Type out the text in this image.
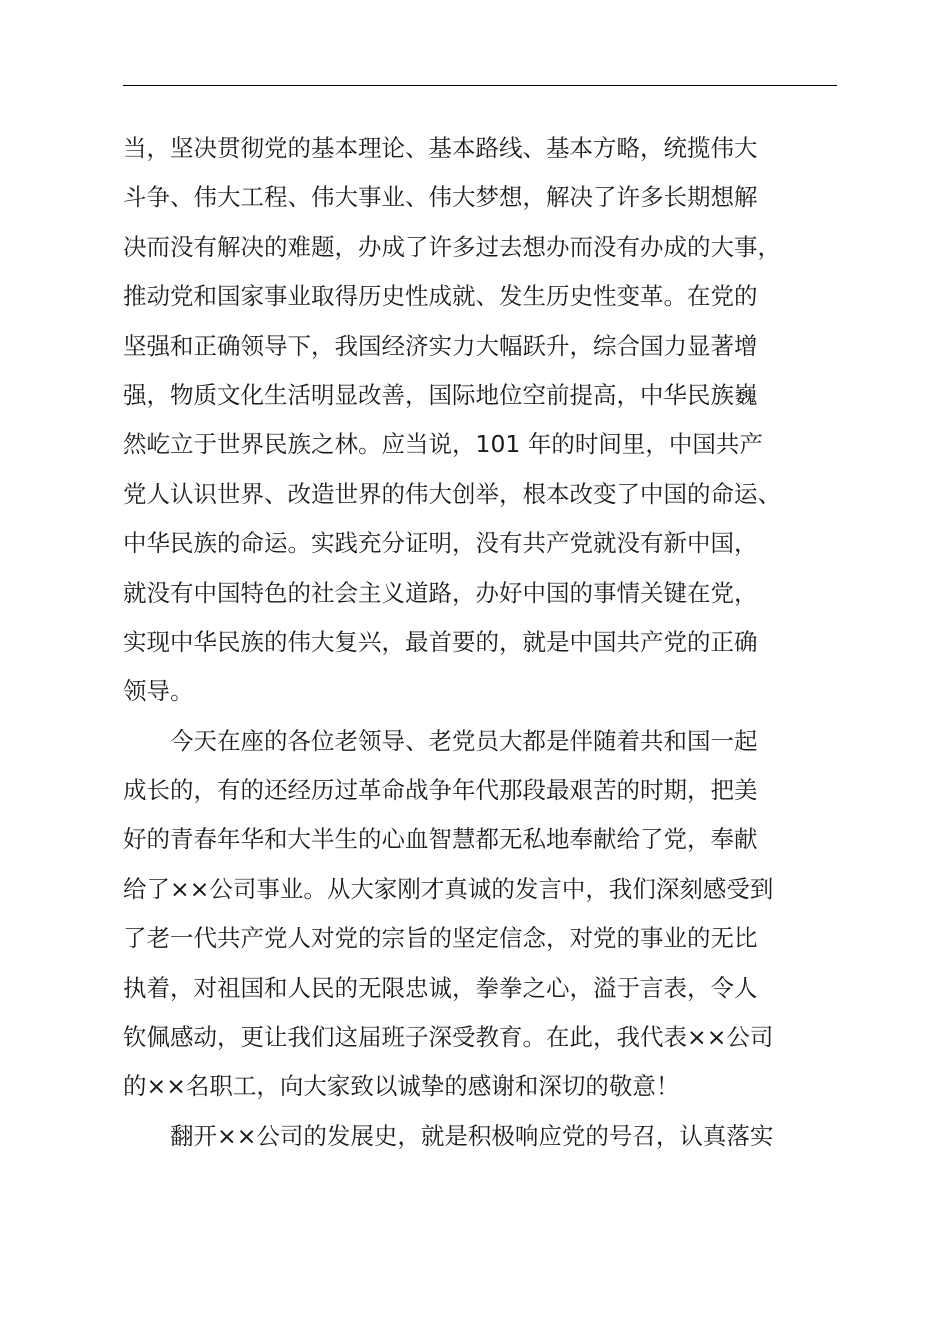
当，坚决贯彻党的基本理论、基本路线、基本方略，统揽伟大
斗争、伟大工程、伟大事业、伟大梦想，解决了许多长期想解
决而没有解决的难题，办成了许多过去想办而没有办成的大事，
推动党和国家事业取得历史性成就、发生历史性变革。在党的
坚强和正确领导下，我国经济实力大幅跃升，综合国力显著增
强，物质文化生活明显改善，国际地位空前提高，中华民族巍
然屹立于世界民族之林。应当说，101 年的时间里，中国共产
党人认识世界、改造世界的伟大创举，根本改变了中国的命运、
中华民族的命运。实践充分证明，没有共产党就没有新中国，
就没有中国特色的社会主义道路，办好中国的事情关键在党，
实现中华民族的伟大复兴，最首要的，就是中国共产党的正确
领导。
　　今天在座的各位老领导、老党员大都是伴随着共和国一起
成长的，有的还经历过革命战争年代那段最艰苦的时期，把美
好的青春年华和大半生的心血智慧都无私地奉献给了党，奉献
给了××公司事业。从大家刚才真诚的发言中，我们深刻感受到
了老一代共产党人对党的宗旨的坚定信念，对党的事业的无比
执着，对祖国和人民的无限忠诚，拳拳之心，溢于言表，令人
钦佩感动，更让我们这届班子深受教育。在此，我代表××公司
的××名职工，向大家致以诚挚的感谢和深切的敬意！
　　翻开××公司的发展史，就是积极响应党的号召，认真落实
